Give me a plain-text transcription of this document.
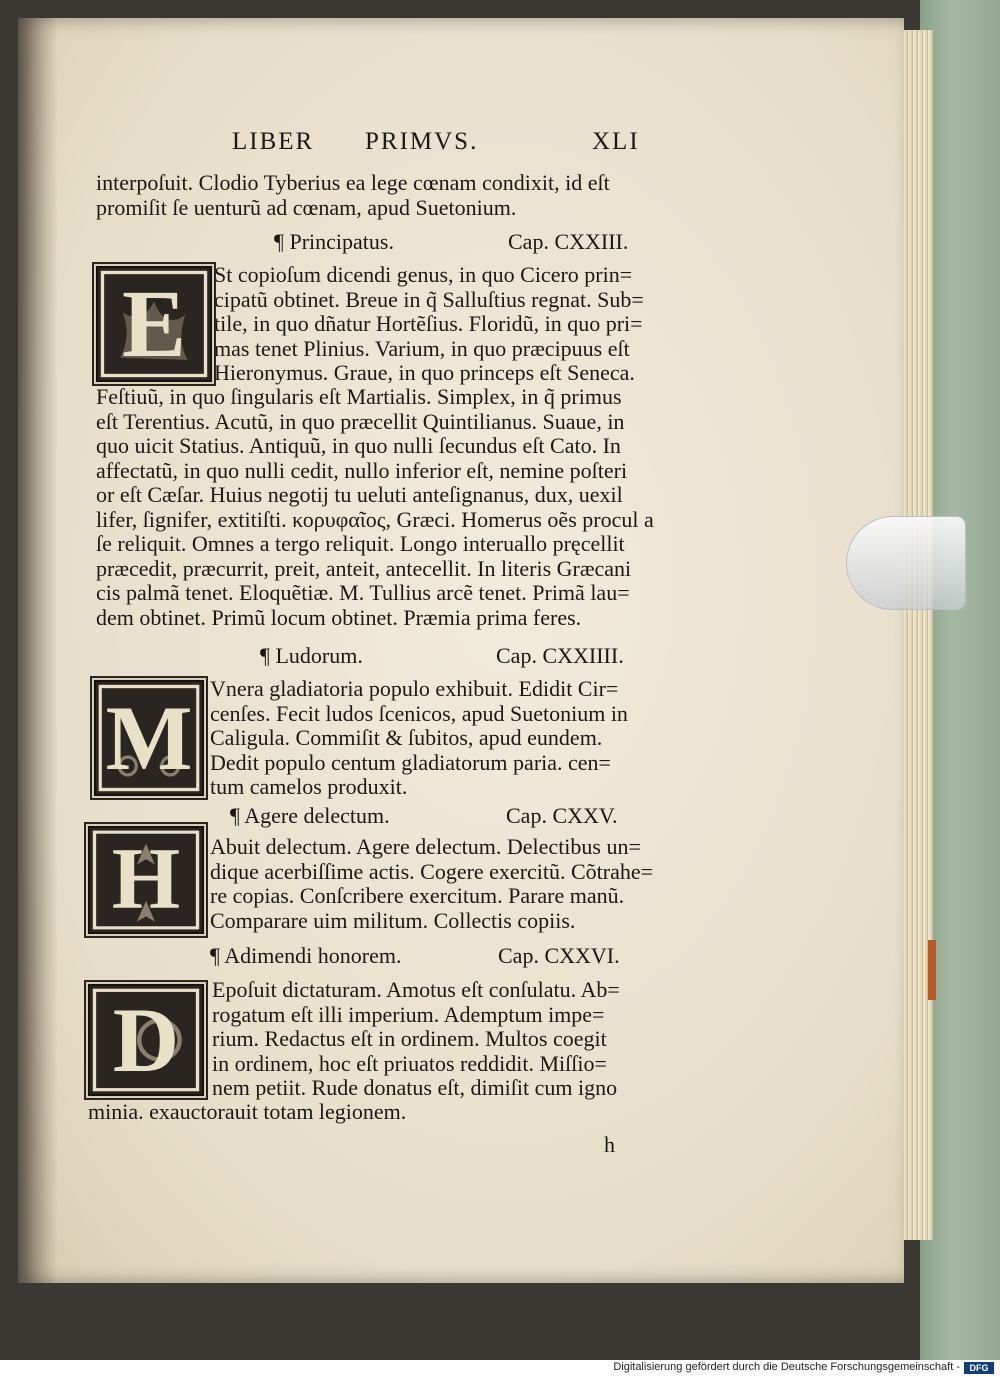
LIBER PRIMVS.	XLI
interpoſuit. Clodio Tyberius ea lege cœnam condixit, id eſt
promiſit ſe uenturũ ad cœnam, apud Suetonium.
¶ Principatus.	Cap. CXXIII.
E	St copioſum dicendi genus, in quo Cicero prin=
cipatũ obtinet. Breue in q̃ Salluſtius regnat. Sub=
tile, in quo dñatur Hortẽſius. Floridũ, in quo pri=
mas tenet Plinius. Varium, in quo præcipuus eſt
Hieronymus. Graue, in quo princeps eſt Seneca.
Feſtiuũ, in quo ſingularis eſt Martialis. Simplex, in q̃ primus
eſt Terentius. Acutũ, in quo præcellit Quintilianus. Suaue, in
quo uicit Statius. Antiquũ, in quo nulli ſecundus eſt Cato. In
affectatũ, in quo nulli cedit, nullo inferior eſt, nemine poſteri
or eſt Cæſar. Huius negotij tu ueluti anteſignanus, dux, uexil
lifer, ſignifer, extitiſti. κορυφαῖος, Græci. Homerus oẽs procul a
ſe reliquit. Omnes a tergo reliquit. Longo interuallo pręcellit
præcedit, præcurrit, preit, anteit, antecellit. In literis Græcani
cis palmã tenet. Eloquẽtiæ. M. Tullius arcẽ tenet. Primã lau=
dem obtinet. Primũ locum obtinet. Præmia prima feres.
¶ Ludorum.	Cap. CXXIIII.
M Vnera gladiatoria populo exhibuit. Edidit Cir=
cenſes. Fecit ludos ſcenicos, apud Suetonium in
Caligula. Commiſit & ſubitos, apud eundem.
Dedit populo centum gladiatorum paria. cen=
tum camelos produxit.
¶ Agere delectum.	Cap. CXXV.
H	Abuit delectum. Agere delectum. Delectibus un=
dique acerbiſſime actis. Cogere exercitũ. Cõtrahe=
re copias. Conſcribere exercitum. Parare manũ.
Comparare uim militum. Collectis copiis.
¶ Adimendi honorem.	Cap. CXXVI.
D	Epoſuit dictaturam. Amotus eſt conſulatu. Ab=
rogatum eſt illi imperium. Ademptum impe=
rium. Redactus eſt in ordinem. Multos coegit
in ordinem, hoc eſt priuatos reddidit. Miſſio=
nem petiit. Rude donatus eſt, dimiſit cum igno
minia. exauctorauit totam legionem.
h
Digitalisierung gefördert durch die Deutsche Forschungsgemeinschaft -	DFG
